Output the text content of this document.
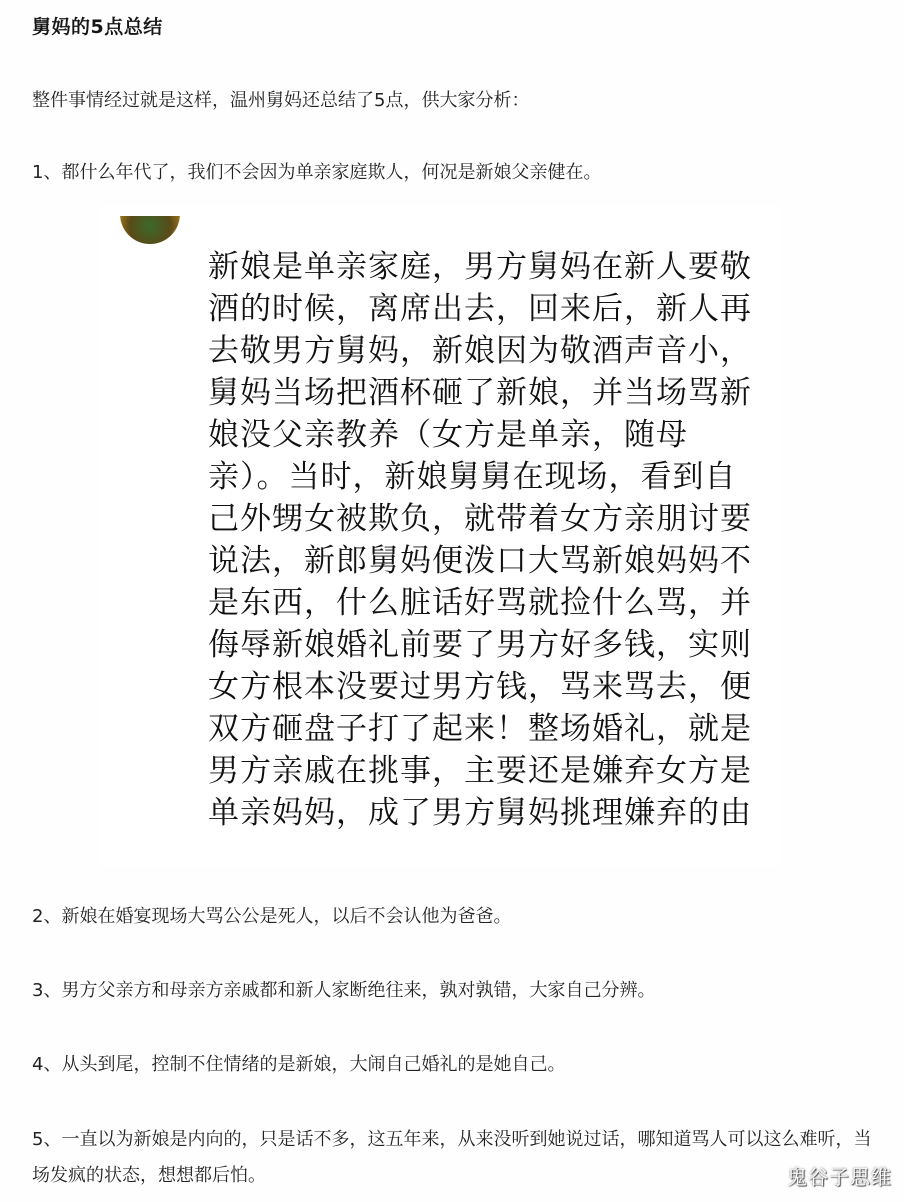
舅妈的5点总结
整件事情经过就是这样，温州舅妈还总结了5点，供大家分析：
1、都什么年代了，我们不会因为单亲家庭欺人，何况是新娘父亲健在。
新娘是单亲家庭，男方舅妈在新人要敬
酒的时候，离席出去，回来后，新人再
去敬男方舅妈，新娘因为敬酒声音小，
舅妈当场把酒杯砸了新娘，并当场骂新
娘没父亲教养（女方是单亲，随母
亲）。当时，新娘舅舅在现场，看到自
己外甥女被欺负，就带着女方亲朋讨要
说法，新郎舅妈便泼口大骂新娘妈妈不
是东西，什么脏话好骂就捡什么骂，并
侮辱新娘婚礼前要了男方好多钱，实则
女方根本没要过男方钱，骂来骂去，便
双方砸盘子打了起来！整场婚礼，就是
男方亲戚在挑事，主要还是嫌弃女方是
单亲妈妈，成了男方舅妈挑理嫌弃的由
2、新娘在婚宴现场大骂公公是死人，以后不会认他为爸爸。
3、男方父亲方和母亲方亲戚都和新人家断绝往来，孰对孰错，大家自己分辨。
4、从头到尾，控制不住情绪的是新娘，大闹自己婚礼的是她自己。
5、一直以为新娘是内向的，只是话不多，这五年来，从来没听到她说过话，哪知道骂人可以这么难听，当场发疯的状态，想想都后怕。	鬼谷子思维
